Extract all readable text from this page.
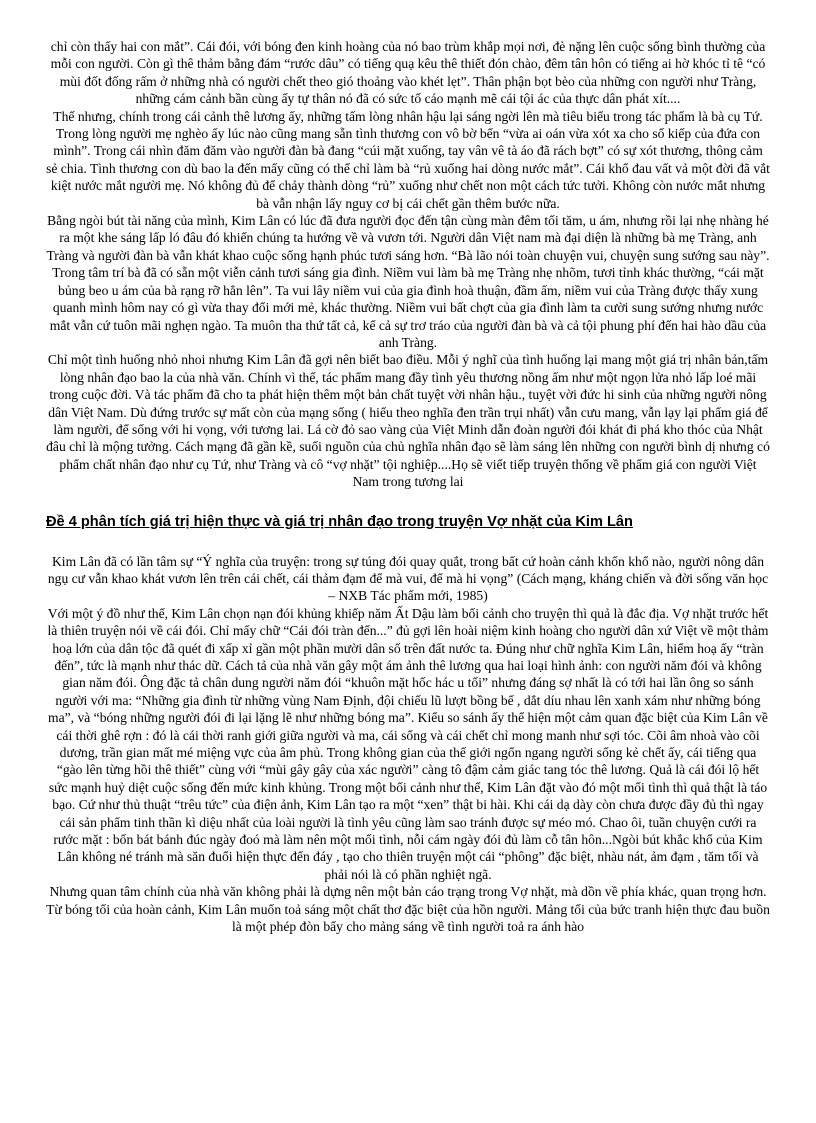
chỉ còn thấy hai con mắt”. Cái đói, với bóng đen kinh hoàng của nó bao trùm khắp mọi nơi, đè nặng lên cuộc sống bình thường của mỗi con người. Còn gì thê thảm bằng đám “rước dâu” có tiếng quạ kêu thê thiết đón chào, đêm tân hôn có tiếng ai hờ khóc tỉ tê “có mùi đốt đống rấm ở những nhà có người chết theo gió thoảng vào khét lẹt”. Thân phận bọt bèo của những con người như Tràng, những cám cảnh bần cùng ấy tự thân nó đã có sức tố cáo mạnh mẽ cái tội ác của thực dân phát xít....

Thế nhưng, chính trong cái cảnh thê lương ấy, những tấm lòng nhân hậu lại sáng ngời lên mà tiêu biểu trong tác phẩm là bà cụ Tứ. Trong lòng người mẹ nghèo ấy lúc nào cũng mang sẵn tình thương con vô bờ bến “vừa ai oán vừa xót xa cho số kiếp của đứa con mình”. Trong cái nhìn đăm đăm vào người đàn bà đang “cúi mặt xuống, tay vân vê tà áo đã rách bợt” có sự xót thương, thông cảm sẻ chia. Tình thương con dù bao la đến mấy cũng có thể chỉ làm bà “rủ xuống hai dòng nước mắt”. Cái khổ đau vất vả một đời đã vắt kiệt nước mắt người mẹ. Nó không đủ để chảy thành dòng “rủ” xuống như chết non một cách tức tưởi. Không còn nước mắt nhưng bà vẫn nhận lấy nguy cơ bị cái chết gần thêm bước nữa.

Bằng ngòi bút tài năng của mình, Kim Lân có lúc đã đưa người đọc đến tận cùng màn đêm tối tăm, u ám, nhưng rồi lại nhẹ nhàng hé ra một khe sáng lấp ló đâu đó khiến chúng ta hướng về và vươn tới. Người dân Việt nam mà đại diện là những bà mẹ Tràng, anh Tràng và người đàn bà vẫn khát khao cuộc sống hạnh phúc tươi sáng hơn. “Bà lão nói toàn chuyện vui, chuyện sung sướng sau này”. Trong tâm trí bà đã có sẵn một viễn cảnh tươi sáng gia đình. Niềm vui làm bà mẹ Tràng nhẹ nhõm, tươi tỉnh khác thường, “cái mặt bủng beo u ám của bà rạng rỡ hẳn lên”. Ta vui lây niềm vui của gia đình hoà thuận, đầm ấm, niềm vui của Tràng được thấy xung quanh mình hôm nay có gì vừa thay đổi mới mẻ, khác thường. Niềm vui bất chợt của gia đình làm ta cười sung sướng nhưng nước mắt vẫn cứ tuôn mãi nghẹn ngào. Ta muôn tha thứ tất cả, kể cả sự trơ tráo của người đàn bà và cả tội phung phí đến hai hào dầu của anh Tràng.

Chỉ một tình huống nhỏ nhoi nhưng Kim Lân đã gợi nên biết bao điều. Mỗi ý nghĩ của tình huống lại mang một giá trị nhân bản,tấm lòng nhân đạo bao la của nhà văn. Chính vì thế, tác phẩm mang đầy tình yêu thương nồng ấm như một ngọn lửa nhỏ lấp loé mãi trong cuộc đời. Và tác phẩm đã cho ta phát hiện thêm một bản chất tuyệt vời nhân hậu., tuyệt vời đức hi sinh của những người nông dân Việt Nam. Dù đứng trước sự mất còn của mạng sống ( hiểu theo nghĩa đen trần trụi nhất) vẫn cưu mang, vẫn lạy lại phẩm giá để làm người, để sống với hi vọng, với tương lai. Lá cờ đỏ sao vàng của Việt Minh dẫn đoàn người đói khát đi phá kho thóc của Nhật đâu chỉ là mộng tưởng. Cách mạng đã gần kề, suối nguồn của chủ nghĩa nhân đạo sẽ làm sáng lên những con người bình dị nhưng có phẩm chất nhân đạo như cụ Tứ, như Tràng và cô “vợ nhặt” tội nghiệp....Họ sẽ viết tiếp truyện thống về phẩm giá con người Việt Nam trong tương lai

Đề 4 phân tích giá trị hiện thực và giá trị nhân đạo trong truyện Vợ nhặt của Kim Lân

Kim Lân đã có lần tâm sự “Ý nghĩa của truyện: trong sự túng đói quay quắt, trong bất cứ hoàn cảnh khốn khổ nào, người nông dân ngụ cư vẫn khao khát vươn lên trên cái chết, cái thảm đạm để mà vui, để mà hi vọng” (Cách mạng, kháng chiến và đời sống văn học – NXB Tác phẩm mới, 1985)

Với một ý đồ như thế, Kim Lân chọn nạn đói khủng khiếp năm Ất Dậu làm bối cảnh cho truyện thì quả là đắc địa. Vợ nhặt trước hết là thiên truyện nói về cái đói. Chỉ mấy chữ “Cái đói tràn đến...” đủ gợi lên hoài niệm kinh hoàng cho người dân xứ Việt về một thảm hoạ lớn của dân tộc đã quét đi xấp xỉ gần một phần mười dân số trên đất nước ta. Đúng như chữ nghĩa Kim Lân, hiểm hoạ ấy “tràn đến”, tức là mạnh như thác dữ. Cách tả của nhà văn gây một ám ảnh thê lương qua hai loại hình ảnh: con người năm đói và không gian năm đói. Ông đặc tả chân dung người năm đói “khuôn mặt hốc hác u tối” nhưng đáng sợ nhất là có tới hai lần ông so sánh người với ma: “Những gia đình từ những vùng Nam Định, đội chiếu lũ lượt bồng bế , dắt díu nhau lên xanh xám như những bóng ma”, và “bóng những người đói đi lại lặng lẽ như những bóng ma”. Kiểu so sánh ấy thể hiện một cảm quan đặc biệt của Kim Lân về cái thời ghê rợn : đó là cái thời ranh giới giữa người và ma, cái sống và cái chết chỉ mong manh như sợi tóc. Cõi âm nhoà vào cõi dương, trần gian mất mé miệng vực của âm phủ. Trong không gian của thế giới ngổn ngang người sống kẻ chết ấy, cái tiếng qua “gào lên từng hồi thê thiết” cùng với “mùi gây gây của xác người” càng tô đậm cảm giác tang tóc thê lương. Quả là cái đói lộ hết sức mạnh huỷ diệt cuộc sống đến mức kinh khủng. Trong một bối cảnh như thế, Kim Lân đặt vào đó một mối tình thì quả thật là táo bạo. Cứ như thủ thuật “trêu tức” của điện ảnh, Kim Lân tạo ra một “xen” thật bi hài. Khi cái dạ dày còn chưa được đầy đủ thì ngay cái sản phẩm tinh thần kì diệu nhất của loài người là tình yêu cũng làm sao tránh được sự méo mó. Chao ôi, tuần chuyện cưới ra rước mặt : bốn bát bánh đúc ngày đoó mà làm nên một mối tình, nỗi cám ngày đói đủ làm cỗ tân hôn...Ngòi bút khắc khổ của Kim Lân không né tránh mà săn đuổi hiện thực đến đáy , tạo cho thiên truyện một cái “phông” đặc biệt, nhàu nát, ảm đạm , tăm tối và phải nói là có phần nghiệt ngã.

Nhưng quan tâm chính của nhà văn không phải là dựng nên một bản cáo trạng trong Vợ nhặt, mà dồn về phía khác, quan trọng hơn. Từ bóng tối của hoàn cảnh, Kim Lân muốn toả sáng một chất thơ đặc biệt của hồn người. Mảng tối của bức tranh hiện thực đau buồn là một phép đòn bẩy cho mảng sáng về tình người toả ra ánh hào
